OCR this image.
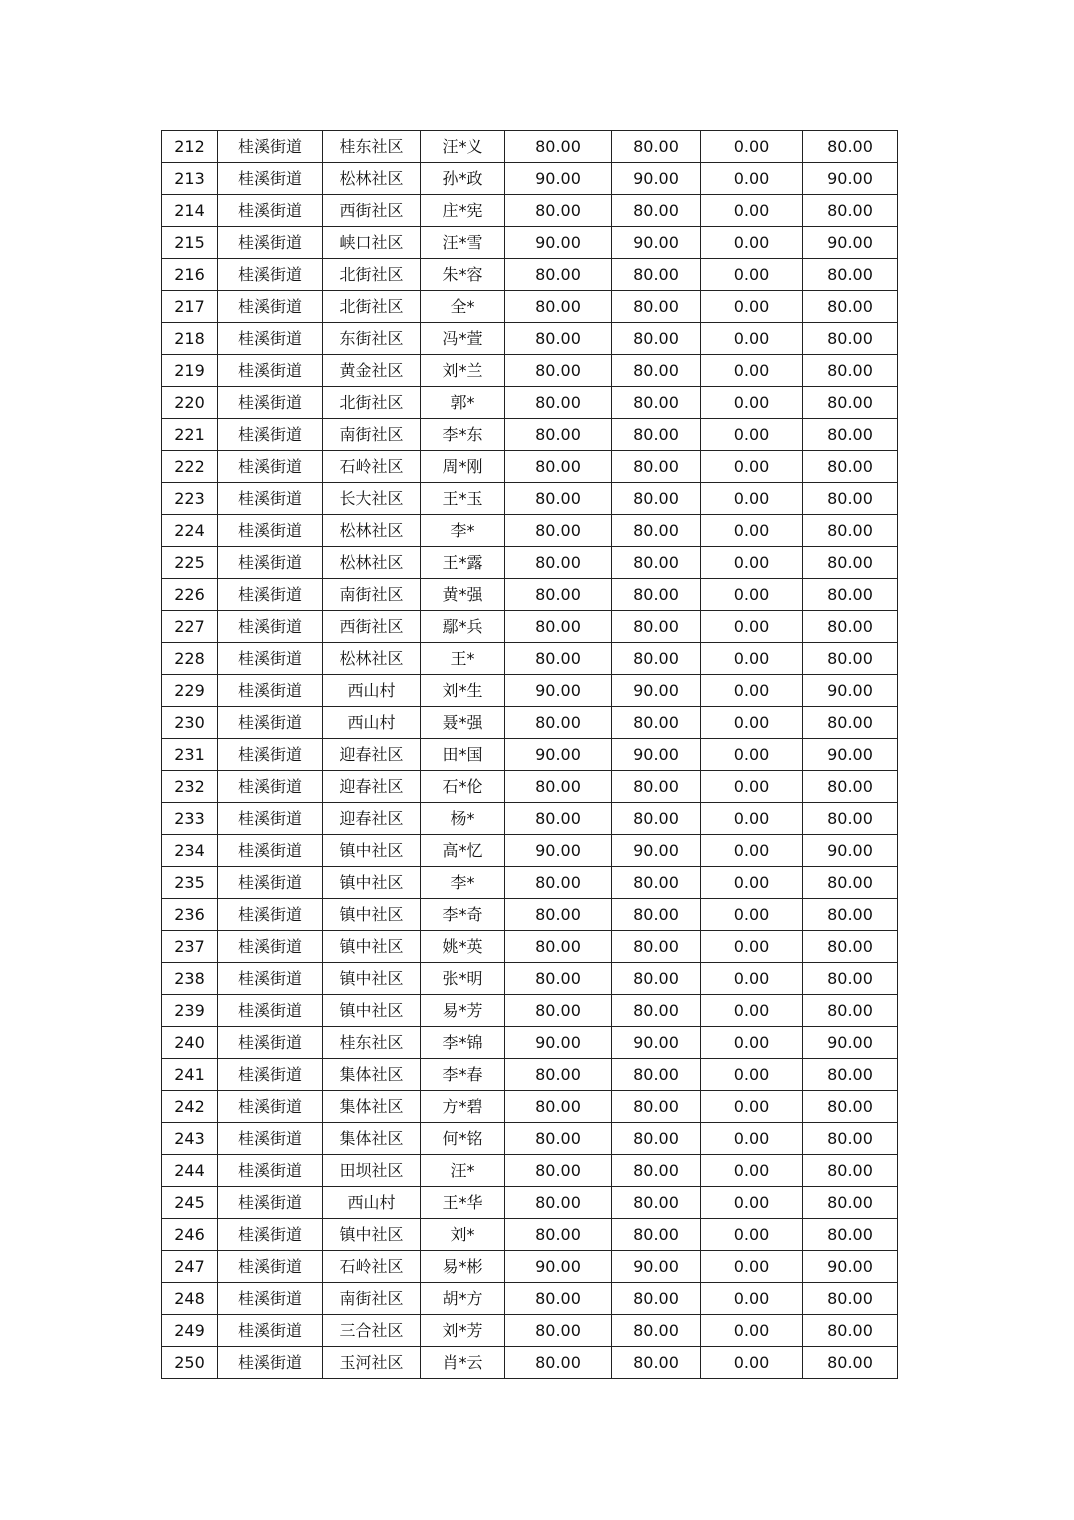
212	桂溪街道	桂东社区	汪*义	80.00	80.00	0.00	80.00
213	桂溪街道	松林社区	孙*政	90.00	90.00	0.00	90.00
214	桂溪街道	西街社区	庄*宪	80.00	80.00	0.00	80.00
215	桂溪街道	峡口社区	汪*雪	90.00	90.00	0.00	90.00
216	桂溪街道	北街社区	朱*容	80.00	80.00	0.00	80.00
217	桂溪街道	北街社区	全*	80.00	80.00	0.00	80.00
218	桂溪街道	东街社区	冯*萱	80.00	80.00	0.00	80.00
219	桂溪街道	黄金社区	刘*兰	80.00	80.00	0.00	80.00
220	桂溪街道	北街社区	郭*	80.00	80.00	0.00	80.00
221	桂溪街道	南街社区	李*东	80.00	80.00	0.00	80.00
222	桂溪街道	石岭社区	周*刚	80.00	80.00	0.00	80.00
223	桂溪街道	长大社区	王*玉	80.00	80.00	0.00	80.00
224	桂溪街道	松林社区	李*	80.00	80.00	0.00	80.00
225	桂溪街道	松林社区	王*露	80.00	80.00	0.00	80.00
226	桂溪街道	南街社区	黄*强	80.00	80.00	0.00	80.00
227	桂溪街道	西街社区	鄢*兵	80.00	80.00	0.00	80.00
228	桂溪街道	松林社区	王*	80.00	80.00	0.00	80.00
229	桂溪街道	西山村	刘*生	90.00	90.00	0.00	90.00
230	桂溪街道	西山村	聂*强	80.00	80.00	0.00	80.00
231	桂溪街道	迎春社区	田*国	90.00	90.00	0.00	90.00
232	桂溪街道	迎春社区	石*伦	80.00	80.00	0.00	80.00
233	桂溪街道	迎春社区	杨*	80.00	80.00	0.00	80.00
234	桂溪街道	镇中社区	高*忆	90.00	90.00	0.00	90.00
235	桂溪街道	镇中社区	李*	80.00	80.00	0.00	80.00
236	桂溪街道	镇中社区	李*奇	80.00	80.00	0.00	80.00
237	桂溪街道	镇中社区	姚*英	80.00	80.00	0.00	80.00
238	桂溪街道	镇中社区	张*明	80.00	80.00	0.00	80.00
239	桂溪街道	镇中社区	易*芳	80.00	80.00	0.00	80.00
240	桂溪街道	桂东社区	李*锦	90.00	90.00	0.00	90.00
241	桂溪街道	集体社区	李*春	80.00	80.00	0.00	80.00
242	桂溪街道	集体社区	方*碧	80.00	80.00	0.00	80.00
243	桂溪街道	集体社区	何*铭	80.00	80.00	0.00	80.00
244	桂溪街道	田坝社区	汪*	80.00	80.00	0.00	80.00
245	桂溪街道	西山村	王*华	80.00	80.00	0.00	80.00
246	桂溪街道	镇中社区	刘*	80.00	80.00	0.00	80.00
247	桂溪街道	石岭社区	易*彬	90.00	90.00	0.00	90.00
248	桂溪街道	南街社区	胡*方	80.00	80.00	0.00	80.00
249	桂溪街道	三合社区	刘*芳	80.00	80.00	0.00	80.00
250	桂溪街道	玉河社区	肖*云	80.00	80.00	0.00	80.00
